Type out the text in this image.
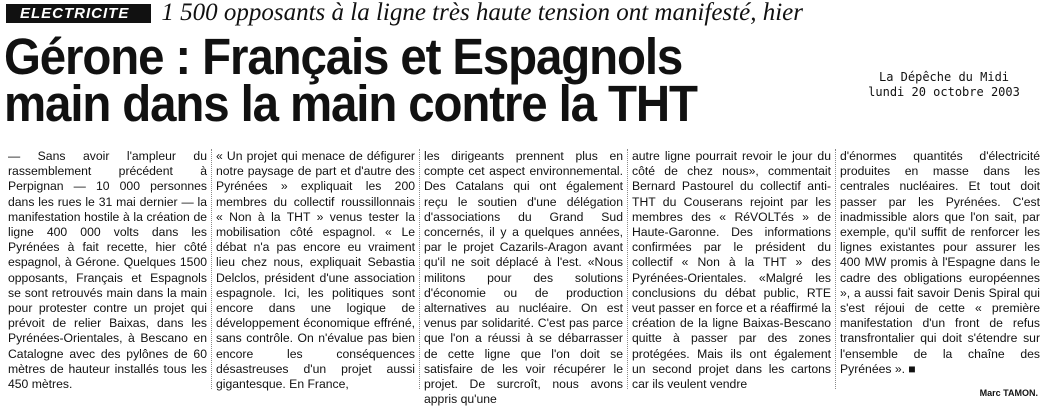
ELECTRICITE	1 500 opposants à la ligne très haute tension ont manifesté, hier
Gérone : Français et Espagnols
main dans la main contre la THT	La Dépêche du Midi
lundi 20 octobre 2003

— Sans avoir l'ampleur du rassemblement précédent à Perpignan — 10 000 personnes dans les rues le 31 mai dernier — la manifestation hostile à la création de ligne 400 000 volts dans les Pyrénées à fait recette, hier côté espagnol, à Gérone. Quelques 1500 opposants, Français et Espagnols se sont retrouvés main dans la main pour protester contre un projet qui prévoit de relier Baixas, dans les Pyrénées-Orientales, à Bescano en Catalogne avec des pylônes de 60 mètres de hauteur installés tous les 450 mètres.

« Un projet qui menace de défigurer notre paysage de part et d'autre des Pyrénées » expliquait les 200 membres du collectif roussillonnais « Non à la THT » venus tester la mobilisation côté espagnol. « Le débat n'a pas encore eu vraiment lieu chez nous, expliquait Sebastia Delclos, président d'une association espagnole. Ici, les politiques sont encore dans une logique de développement économique effréné, sans contrôle. On n'évalue pas bien encore les conséquences désastreuses d'un projet aussi gigantesque. En France,

les dirigeants prennent plus en compte cet aspect environnemental. Des Catalans qui ont également reçu le soutien d'une délégation d'associations du Grand Sud concernés, il y a quelques années, par le projet Cazarils-Aragon avant qu'il ne soit déplacé à l'est. «Nous militons pour des solutions d'économie ou de production alternatives au nucléaire. On est venus par solidarité. C'est pas parce que l'on a réussi à se débarrasser de cette ligne que l'on doit se satisfaire de les voir récupérer le projet. De surcroît, nous avons appris qu'une

autre ligne pourrait revoir le jour du côté de chez nous», commentait Bernard Pastourel du collectif anti-THT du Couserans rejoint par les membres des « RéVOLTés » de Haute-Garonne. Des informations confirmées par le président du collectif « Non à la THT » des Pyrénées-Orientales. «Malgré les conclusions du débat public, RTE veut passer en force et a réaffirmé la création de la ligne Baixas-Bescano quitte à passer par des zones protégées. Mais ils ont également un second projet dans les cartons car ils veulent vendre

d'énormes quantités d'électricité produites en masse dans les centrales nucléaires. Et tout doit passer par les Pyrénées. C'est inadmissible alors que l'on sait, par exemple, qu'il suffit de renforcer les lignes existantes pour assurer les 400 MW promis à l'Espagne dans le cadre des obligations européennes », a aussi fait savoir Denis Spiral qui s'est réjoui de cette « première manifestation d'un front de refus transfrontalier qui doit s'étendre sur l'ensemble de la chaîne des Pyrénées ». ■

Marc TAMON.
